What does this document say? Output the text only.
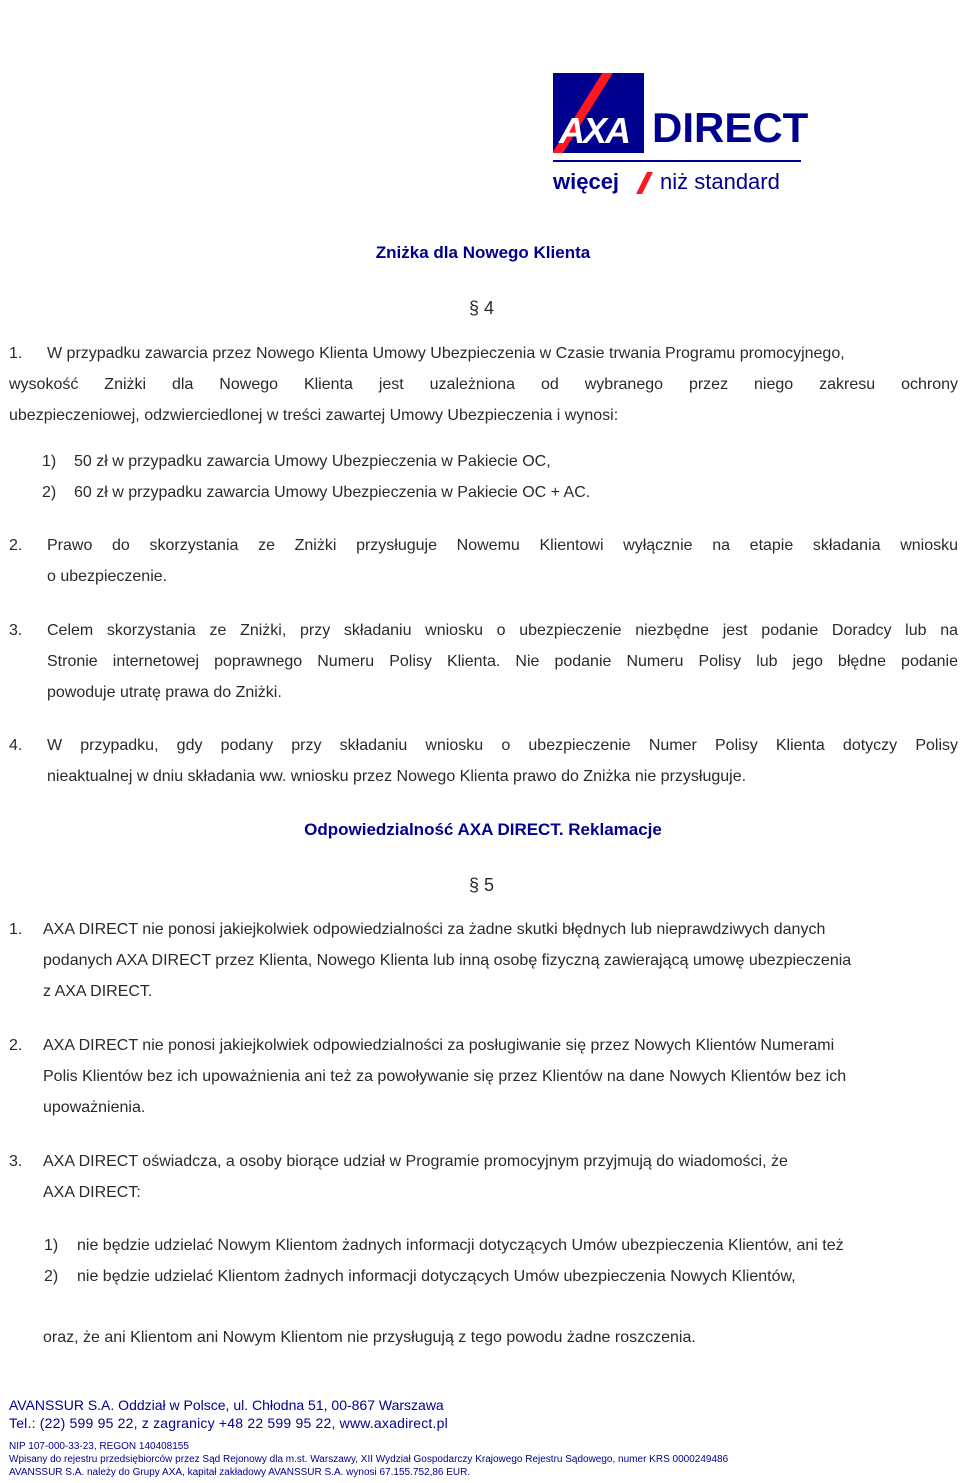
AXA DIRECT
więcej niż standard
Zniżka dla Nowego Klienta
§ 4
1. W przypadku zawarcia przez Nowego Klienta Umowy Ubezpieczenia w Czasie trwania Programu promocyjnego,
wysokość Zniżki dla Nowego Klienta jest uzależniona od wybranego przez niego zakresu ochrony
ubezpieczeniowej, odzwierciedlonej w treści zawartej Umowy Ubezpieczenia i wynosi:
1) 50 zł w przypadku zawarcia Umowy Ubezpieczenia w Pakiecie OC,
2) 60 zł w przypadku zawarcia Umowy Ubezpieczenia w Pakiecie OC + AC.
2. Prawo do skorzystania ze Zniżki przysługuje Nowemu Klientowi wyłącznie na etapie składania wniosku
o ubezpieczenie.
3. Celem skorzystania ze Zniżki, przy składaniu wniosku o ubezpieczenie niezbędne jest podanie Doradcy lub na
Stronie internetowej poprawnego Numeru Polisy Klienta. Nie podanie Numeru Polisy lub jego błędne podanie
powoduje utratę prawa do Zniżki.
4. W przypadku, gdy podany przy składaniu wniosku o ubezpieczenie Numer Polisy Klienta dotyczy Polisy
nieaktualnej w dniu składania ww. wniosku przez Nowego Klienta prawo do Zniżka nie przysługuje.
Odpowiedzialność AXA DIRECT. Reklamacje
§ 5
1. AXA DIRECT nie ponosi jakiejkolwiek odpowiedzialności za żadne skutki błędnych lub nieprawdziwych danych
podanych AXA DIRECT przez Klienta, Nowego Klienta lub inną osobę fizyczną zawierającą umowę ubezpieczenia
z AXA DIRECT.
2. AXA DIRECT nie ponosi jakiejkolwiek odpowiedzialności za posługiwanie się przez Nowych Klientów Numerami
Polis Klientów bez ich upoważnienia ani też za powoływanie się przez Klientów na dane Nowych Klientów bez ich
upoważnienia.
3. AXA DIRECT oświadcza, a osoby biorące udział w Programie promocyjnym przyjmują do wiadomości, że
AXA DIRECT:
1) nie będzie udzielać Nowym Klientom żadnych informacji dotyczących Umów ubezpieczenia Klientów, ani też
2) nie będzie udzielać Klientom żadnych informacji dotyczących Umów ubezpieczenia Nowych Klientów,
oraz, że ani Klientom ani Nowym Klientom nie przysługują z tego powodu żadne roszczenia.
AVANSSUR S.A. Oddział w Polsce, ul. Chłodna 51, 00-867 Warszawa
Tel.: (22) 599 95 22, z zagranicy +48 22 599 95 22, www.axadirect.pl
NIP 107-000-33-23, REGON 140408155
Wpisany do rejestru przedsiębiorców przez Sąd Rejonowy dla m.st. Warszawy, XII Wydział Gospodarczy Krajowego Rejestru Sądowego, numer KRS 0000249486
AVANSSUR S.A. należy do Grupy AXA, kapitał zakładowy AVANSSUR S.A. wynosi 67.155.752,86 EUR.
